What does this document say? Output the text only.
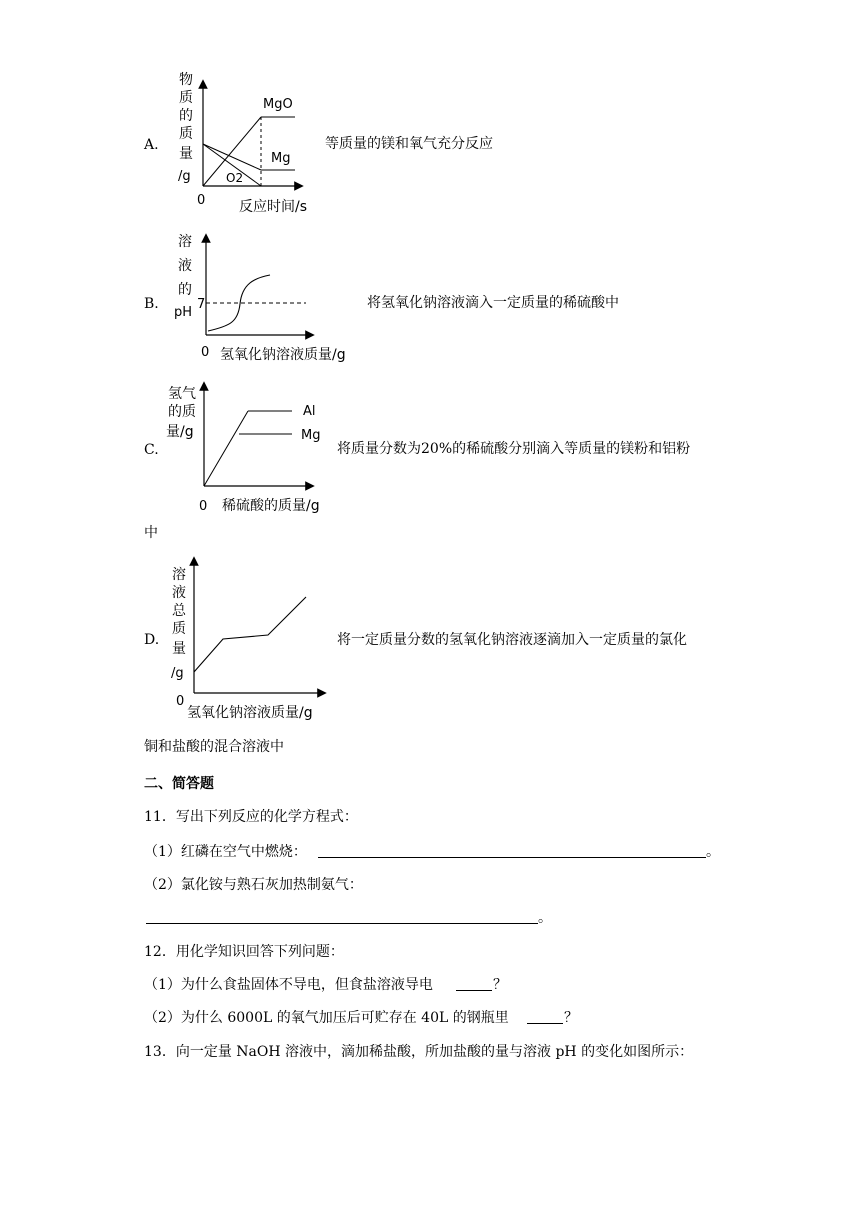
A.
物
质
的
质
量
/g
0 反应时间/s
MgO
Mg
O2
等质量的镁和氧气充分反应
B.
溶
液
的
pH
7
0 氢氧化钠溶液质量/g
将氢氧化钠溶液滴入一定质量的稀硫酸中
C.
氢气
的质
量/g
Al
Mg
0 稀硫酸的质量/g
将质量分数为20%的稀硫酸分别滴入等质量的镁粉和铝粉
中
D.
溶
液
总
质
量
/g
0
氢氧化钠溶液质量/g
将一定质量分数的氢氧化钠溶液逐滴加入一定质量的氯化
铜和盐酸的混合溶液中
二、简答题
11．写出下列反应的化学方程式：
（1）红磷在空气中燃烧：	。
（2）氯化铵与熟石灰加热制氨气：
。
12．用化学知识回答下列问题：
（1）为什么食盐固体不导电，但食盐溶液导电	？
（2）为什么 6000L 的氧气加压后可贮存在 40L 的钢瓶里	？
13．向一定量 NaOH 溶液中，滴加稀盐酸，所加盐酸的量与溶液 pH 的变化如图所示：
